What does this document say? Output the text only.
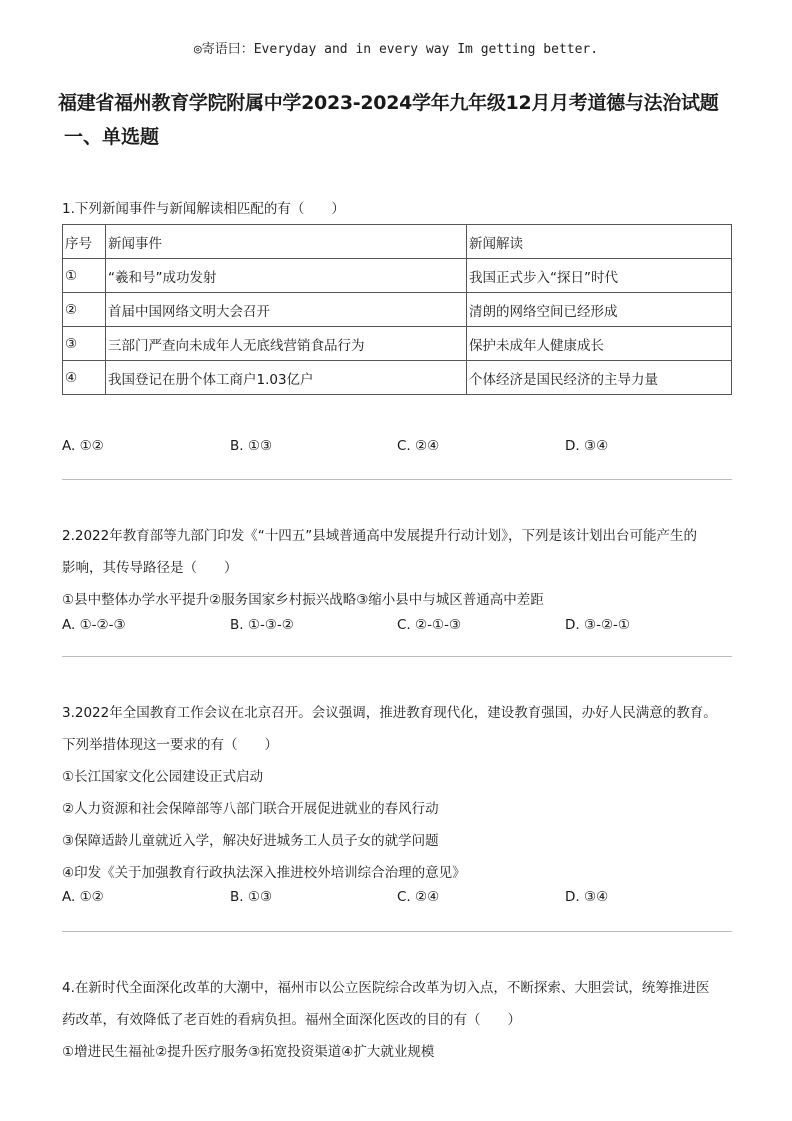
◎寄语曰：Everyday and in every way Im getting better.
福建省福州教育学院附属中学2023-2024学年九年级12月月考道德与法治试题
一、单选题

1.下列新闻事件与新闻解读相匹配的有（　　）

序号	新闻事件	新闻解读
①	“羲和号”成功发射	我国正式步入“探日”时代
②	首届中国网络文明大会召开	清朗的网络空间已经形成
③	三部门严查向未成年人无底线营销食品行为	保护未成年人健康成长
④	我国登记在册个体工商户1.03亿户	个体经济是国民经济的主导力量
A. ①②	B. ①③	C. ②④	D. ③④

2.2022年教育部等九部门印发《“十四五”县域普通高中发展提升行动计划》，下列是该计划出台可能产生的

影响，其传导路径是（　　）

①县中整体办学水平提升②服务国家乡村振兴战略③缩小县中与城区普通高中差距

A. ①-②-③	B. ①-③-②	C. ②-①-③	D. ③-②-①

3.2022年全国教育工作会议在北京召开。会议强调，推进教育现代化，建设教育强国，办好人民满意的教育。

下列举措体现这一要求的有（　　）

①长江国家文化公园建设正式启动

②人力资源和社会保障部等八部门联合开展促进就业的春风行动

③保障适龄儿童就近入学，解决好进城务工人员子女的就学问题

④印发《关于加强教育行政执法深入推进校外培训综合治理的意见》

A. ①②	B. ①③	C. ②④	D. ③④

4.在新时代全面深化改革的大潮中，福州市以公立医院综合改革为切入点，不断探索、大胆尝试，统筹推进医

药改革，有效降低了老百姓的看病负担。福州全面深化医改的目的有（　　）

①增进民生福祉②提升医疗服务③拓宽投资渠道④扩大就业规模
